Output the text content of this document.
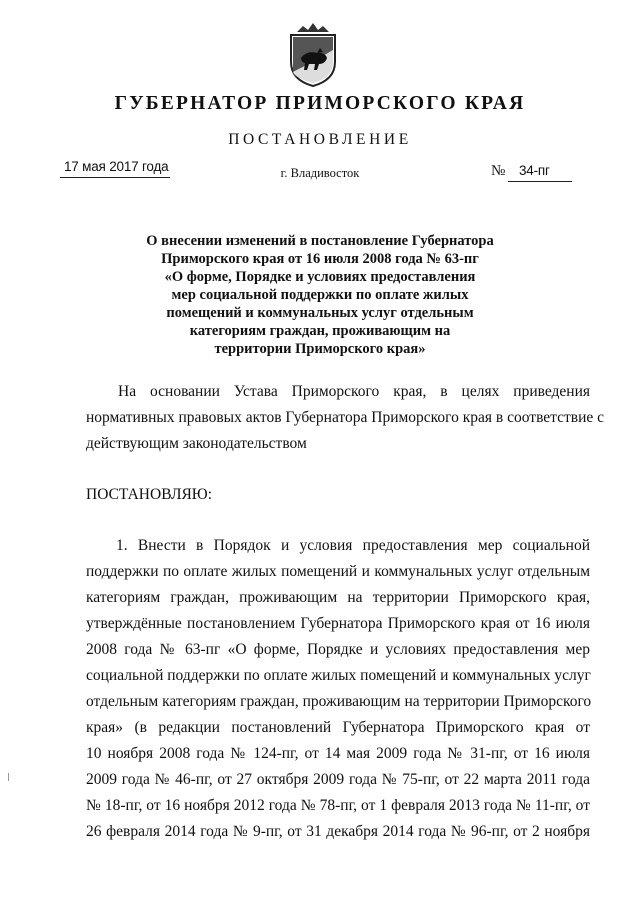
ГУБЕРНАТОР ПРИМОРСКОГО КРАЯ
ПОСТАНОВЛЕНИЕ
17 мая 2017 года	г. Владивосток	№ 34-пг
О внесении изменений в постановление Губернатора
Приморского края от 16 июля 2008 года № 63-пг
«О форме, Порядке и условиях предоставления
мер социальной поддержки по оплате жилых
помещений и коммунальных услуг отдельным
категориям граждан, проживающим на
территории Приморского края»
На основании Устава Приморского края, в целях приведения
нормативных правовых актов Губернатора Приморского края в соответствие с
действующим законодательством
ПОСТАНОВЛЯЮ:
1. Внести в Порядок и условия предоставления мер социальной
поддержки по оплате жилых помещений и коммунальных услуг отдельным
категориям граждан, проживающим на территории Приморского края,
утверждённые постановлением Губернатора Приморского края от 16 июля
2008 года № 63-пг «О форме, Порядке и условиях предоставления мер
социальной поддержки по оплате жилых помещений и коммунальных услуг
отдельным категориям граждан, проживающим на территории Приморского
края» (в редакции постановлений Губернатора Приморского края от
10 ноября 2008 года № 124-пг, от 14 мая 2009 года № 31-пг, от 16 июля
2009 года № 46-пг, от 27 октября 2009 года № 75-пг, от 22 марта 2011 года
№ 18-пг, от 16 ноября 2012 года № 78-пг, от 1 февраля 2013 года № 11-пг, от
26 февраля 2014 года № 9-пг, от 31 декабря 2014 года № 96-пг, от 2 ноября
